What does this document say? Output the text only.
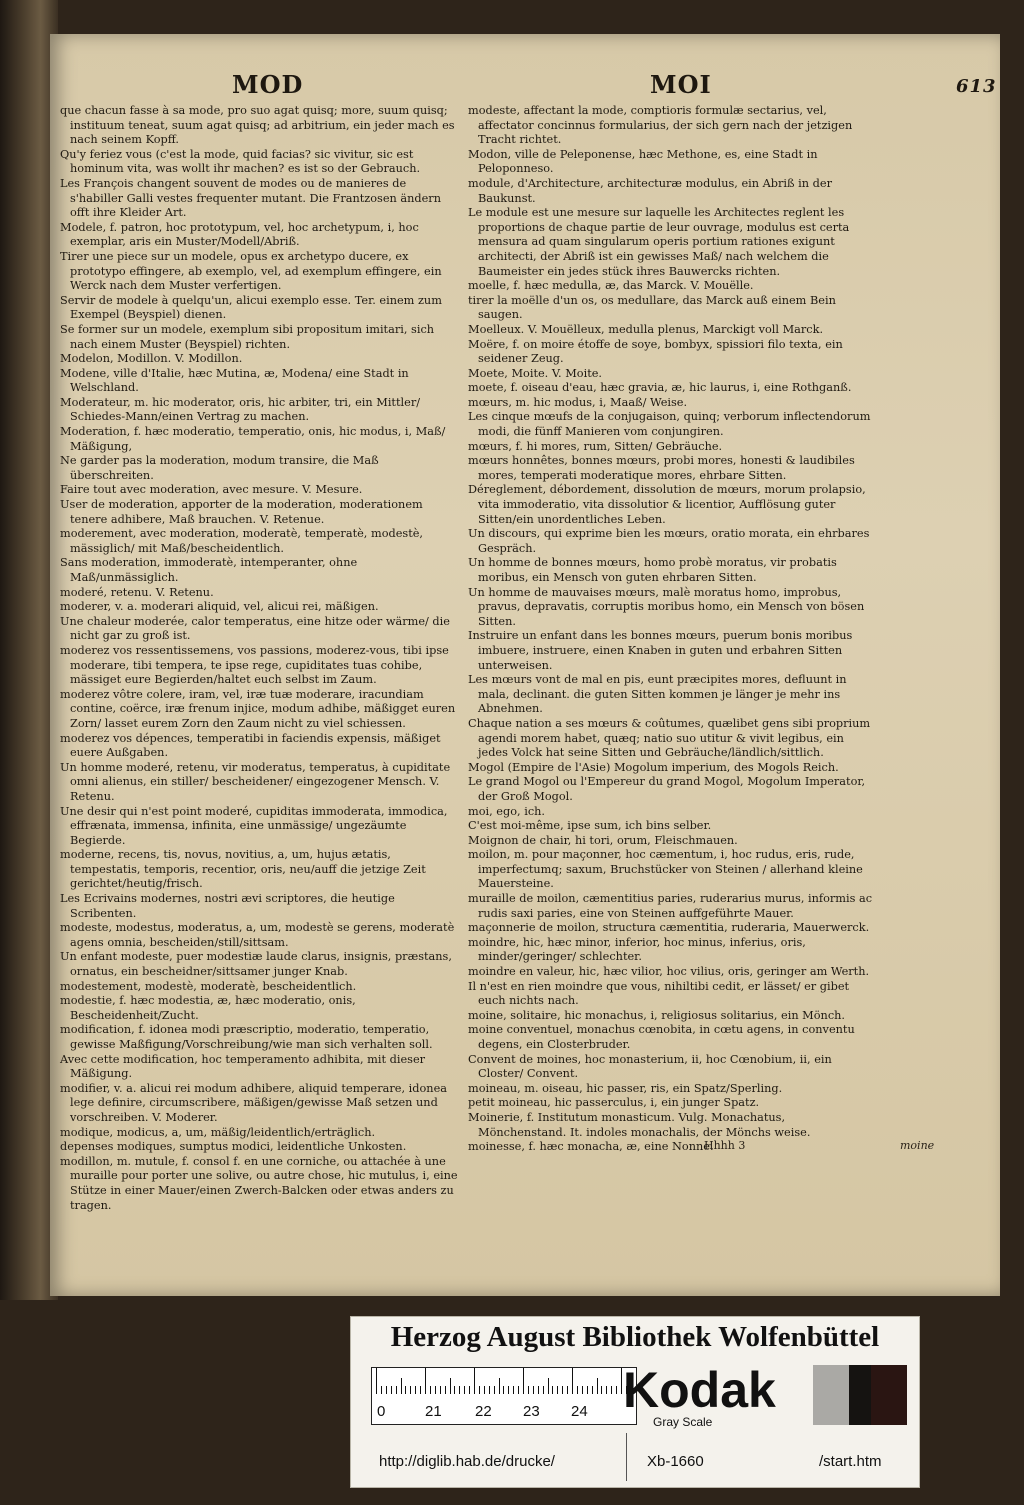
MOD	MOI	613

que chacun fasse à sa mode, pro suo agat quisq; more, suum quisq; instituum teneat, suum agat quisq; ad arbitrium, ein jeder mach es nach seinem Kopff.

Qu'y feriez vous (c'est la mode, quid facias? sic vivitur, sic est hominum vita, was wollt ihr machen? es ist so der Gebrauch.

Les François changent souvent de modes ou de manieres de s'habiller Galli vestes frequenter mutant. Die Frantzosen ändern offt ihre Kleider Art.

Modele, f. patron, hoc prototypum, vel, hoc archetypum, i, hoc exemplar, aris ein Muster/Modell/Abriß.

Tirer une piece sur un modele, opus ex archetypo ducere, ex prototypo effingere, ab exemplo, vel, ad exemplum effingere, ein Werck nach dem Muster verfertigen.

Servir de modele à quelqu'un, alicui exemplo esse. Ter. einem zum Exempel (Beyspiel) dienen.

Se former sur un modele, exemplum sibi propositum imitari, sich nach einem Muster (Beyspiel) richten.

Modelon, Modillon. V. Modillon.

Modene, ville d'Italie, hæc Mutina, æ, Modena/ eine Stadt in Welschland.

Moderateur, m. hic moderator, oris, hic arbiter, tri, ein Mittler/ Schiedes-Mann/einen Vertrag zu machen.

Moderation, f. hæc moderatio, temperatio, onis, hic modus, i, Maß/ Mäßigung,

Ne garder pas la moderation, modum transire, die Maß überschreiten.

Faire tout avec moderation, avec mesure. V. Mesure.

User de moderation, apporter de la moderation, moderationem tenere adhibere, Maß brauchen. V. Retenue.

moderement, avec moderation, moderatè, temperatè, modestè, mässiglich/ mit Maß/bescheidentlich.

Sans moderation, immoderatè, intemperanter, ohne Maß/unmässiglich.

moderé, retenu. V. Retenu.

moderer, v. a. moderari aliquid, vel, alicui rei, mäßigen.

Une chaleur moderée, calor temperatus, eine hitze oder wärme/ die nicht gar zu groß ist.

moderez vos ressentissemens, vos passions, moderez-vous, tibi ipse moderare, tibi tempera, te ipse rege, cupiditates tuas cohibe, mässiget eure Begierden/haltet euch selbst im Zaum.

moderez vôtre colere, iram, vel, iræ tuæ moderare, iracundiam contine, coërce, iræ frenum injice, modum adhibe, mäßigget euren Zorn/ lasset eurem Zorn den Zaum nicht zu viel schiessen.

moderez vos dépences, temperatibi in faciendis expensis, mäßiget euere Außgaben.

Un homme moderé, retenu, vir moderatus, temperatus, à cupiditate omni alienus, ein stiller/ bescheidener/ eingezogener Mensch. V. Retenu.

Une desir qui n'est point moderé, cupiditas immoderata, immodica, effrænata, immensa, infinita, eine unmässige/ ungezäumte Begierde.

moderne, recens, tis, novus, novitius, a, um, hujus ætatis, tempestatis, temporis, recentior, oris, neu/auff die jetzige Zeit gerichtet/heutig/frisch.

Les Ecrivains modernes, nostri ævi scriptores, die heutige Scribenten.

modeste, modestus, moderatus, a, um, modestè se gerens, moderatè agens omnia, bescheiden/still/sittsam.

Un enfant modeste, puer modestiæ laude clarus, insignis, præstans, ornatus, ein bescheidner/sittsamer junger Knab.

modestement, modestè, moderatè, bescheidentlich.

modestie, f. hæc modestia, æ, hæc moderatio, onis, Bescheidenheit/Zucht.

modification, f. idonea modi præscriptio, moderatio, temperatio, gewisse Maßfigung/Vorschreibung/wie man sich verhalten soll.

Avec cette modification, hoc temperamento adhibita, mit dieser Mäßigung.

modifier, v. a. alicui rei modum adhibere, aliquid temperare, idonea lege definire, circumscribere, mäßigen/gewisse Maß setzen und vorschreiben. V. Moderer.

modique, modicus, a, um, mäßig/leidentlich/erträglich.

depenses modiques, sumptus modici, leidentliche Unkosten.

modillon, m. mutule, f. consol f. en une corniche, ou attachée à une muraille pour porter une solive, ou autre chose, hic mutulus, i, eine Stütze in einer Mauer/einen Zwerch-Balcken oder etwas anders zu tragen.

modeste, affectant la mode, comptioris formulæ sectarius, vel, affectator concinnus formularius, der sich gern nach der jetzigen Tracht richtet.

Modon, ville de Peleponense, hæc Methone, es, eine Stadt in Peloponneso.

module, d'Architecture, architecturæ modulus, ein Abriß in der Baukunst.

Le module est une mesure sur laquelle les Architectes reglent les proportions de chaque partie de leur ouvrage, modulus est certa mensura ad quam singularum operis portium rationes exigunt architecti, der Abriß ist ein gewisses Maß/ nach welchem die Baumeister ein jedes stück ihres Bauwercks richten.

moelle, f. hæc medulla, æ, das Marck. V. Mouëlle.

tirer la moëlle d'un os, os medullare, das Marck auß einem Bein saugen.

Moelleux. V. Mouëlleux, medulla plenus, Marckigt voll Marck.

Moëre, f. on moire étoffe de soye, bombyx, spissiori filo texta, ein seidener Zeug.

Moete, Moite. V. Moite.

moete, f. oiseau d'eau, hæc gravia, æ, hic laurus, i, eine Rothganß.

mœurs, m. hic modus, i, Maaß/ Weise.

Les cinque mœufs de la conjugaison, quinq; verborum inflectendorum modi, die fünff Manieren vom conjungiren.

mœurs, f. hi mores, rum, Sitten/ Gebräuche.

mœurs honnêtes, bonnes mœurs, probi mores, honesti & laudibiles mores, temperati moderatique mores, ehrbare Sitten.

Déreglement, débordement, dissolution de mœurs, morum prolapsio, vita immoderatio, vita dissolutior & licentior, Aufflösung guter Sitten/ein unordentliches Leben.

Un discours, qui exprime bien les mœurs, oratio morata, ein ehrbares Gespräch.

Un homme de bonnes mœurs, homo probè moratus, vir probatis moribus, ein Mensch von guten ehrbaren Sitten.

Un homme de mauvaises mœurs, malè moratus homo, improbus, pravus, depravatis, corruptis moribus homo, ein Mensch von bösen Sitten.

Instruire un enfant dans les bonnes mœurs, puerum bonis moribus imbuere, instruere, einen Knaben in guten und erbahren Sitten unterweisen.

Les mœurs vont de mal en pis, eunt præcipites mores, defluunt in mala, declinant. die guten Sitten kommen je länger je mehr ins Abnehmen.

Chaque nation a ses mœurs & coûtumes, quælibet gens sibi proprium agendi morem habet, quæq; natio suo utitur & vivit legibus, ein jedes Volck hat seine Sitten und Gebräuche/ländlich/sittlich.

Mogol (Empire de l'Asie) Mogolum imperium, des Mogols Reich.

Le grand Mogol ou l'Empereur du grand Mogol, Mogolum Imperator, der Groß Mogol.

moi, ego, ich.

C'est moi-même, ipse sum, ich bins selber.

Moignon de chair, hi tori, orum, Fleischmauen.

moilon, m. pour maçonner, hoc cæmentum, i, hoc rudus, eris, rude, imperfectumq; saxum, Bruchstücker von Steinen / allerhand kleine Mauersteine.

muraille de moilon, cæmentitius paries, ruderarius murus, informis ac rudis saxi paries, eine von Steinen auffgeführte Mauer.

maçonnerie de moilon, structura cæmentitia, ruderaria, Mauerwerck.

moindre, hic, hæc minor, inferior, hoc minus, inferius, oris, minder/geringer/ schlechter.

moindre en valeur, hic, hæc vilior, hoc vilius, oris, geringer am Werth.

Il n'est en rien moindre que vous, nihiltibi cedit, er lässet/ er gibet euch nichts nach.

moine, solitaire, hic monachus, i, religiosus solitarius, ein Mönch.

moine conventuel, monachus cœnobita, in cœtu agens, in conventu degens, ein Closterbruder.

Convent de moines, hoc monasterium, ii, hoc Cœnobium, ii, ein Closter/ Convent.

moineau, m. oiseau, hic passer, ris, ein Spatz/Sperling.

petit moineau, hic passerculus, i, ein junger Spatz.

Moinerie, f. Institutum monasticum. Vulg. Monachatus, Mönchenstand. It. indoles monachalis, der Mönchs weise.

moinesse, f. hæc monacha, æ, eine Nonne.

Hhhh 3	moine
Herzog August Bibliothek Wolfenbüttel
0	21 22 23 24 Kodak
Gray Scale
http://diglib.hab.de/drucke/	Xb-1660	/start.htm
